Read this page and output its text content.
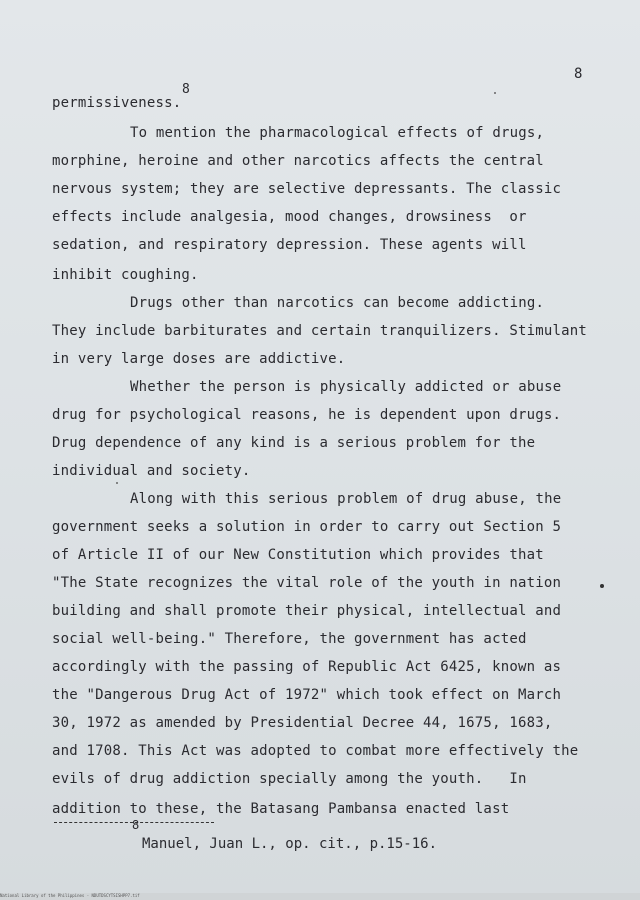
8
8
permissiveness.
To mention the pharmacological effects of drugs,
morphine, heroine and other narcotics affects the central
nervous system; they are selective depressants. The classic
effects include analgesia, mood changes, drowsiness  or
sedation, and respiratory depression. These agents will
inhibit coughing.
Drugs other than narcotics can become addicting.
They include barbiturates and certain tranquilizers. Stimulant
in very large doses are addictive.
Whether the person is physically addicted or abuse
drug for psychological reasons, he is dependent upon drugs.
Drug dependence of any kind is a serious problem for the
individual and society.
Along with this serious problem of drug abuse, the
government seeks a solution in order to carry out Section 5
of Article II of our New Constitution which provides that
"The State recognizes the vital role of the youth in nation
building and shall promote their physical, intellectual and
social well-being." Therefore, the government has acted
accordingly with the passing of Republic Act 6425, known as
the "Dangerous Drug Act of 1972" which took effect on March
30, 1972 as amended by Presidential Decree 44, 1675, 1683,
and 1708. This Act was adopted to combat more effectively the
evils of drug addiction specially among the youth.   In
addition to these, the Batasang Pambansa enacted last
8
Manuel, Juan L., op. cit., p.15-16.
National Library of the Philippines · NDUTDSCYTSISHPP7.tif
